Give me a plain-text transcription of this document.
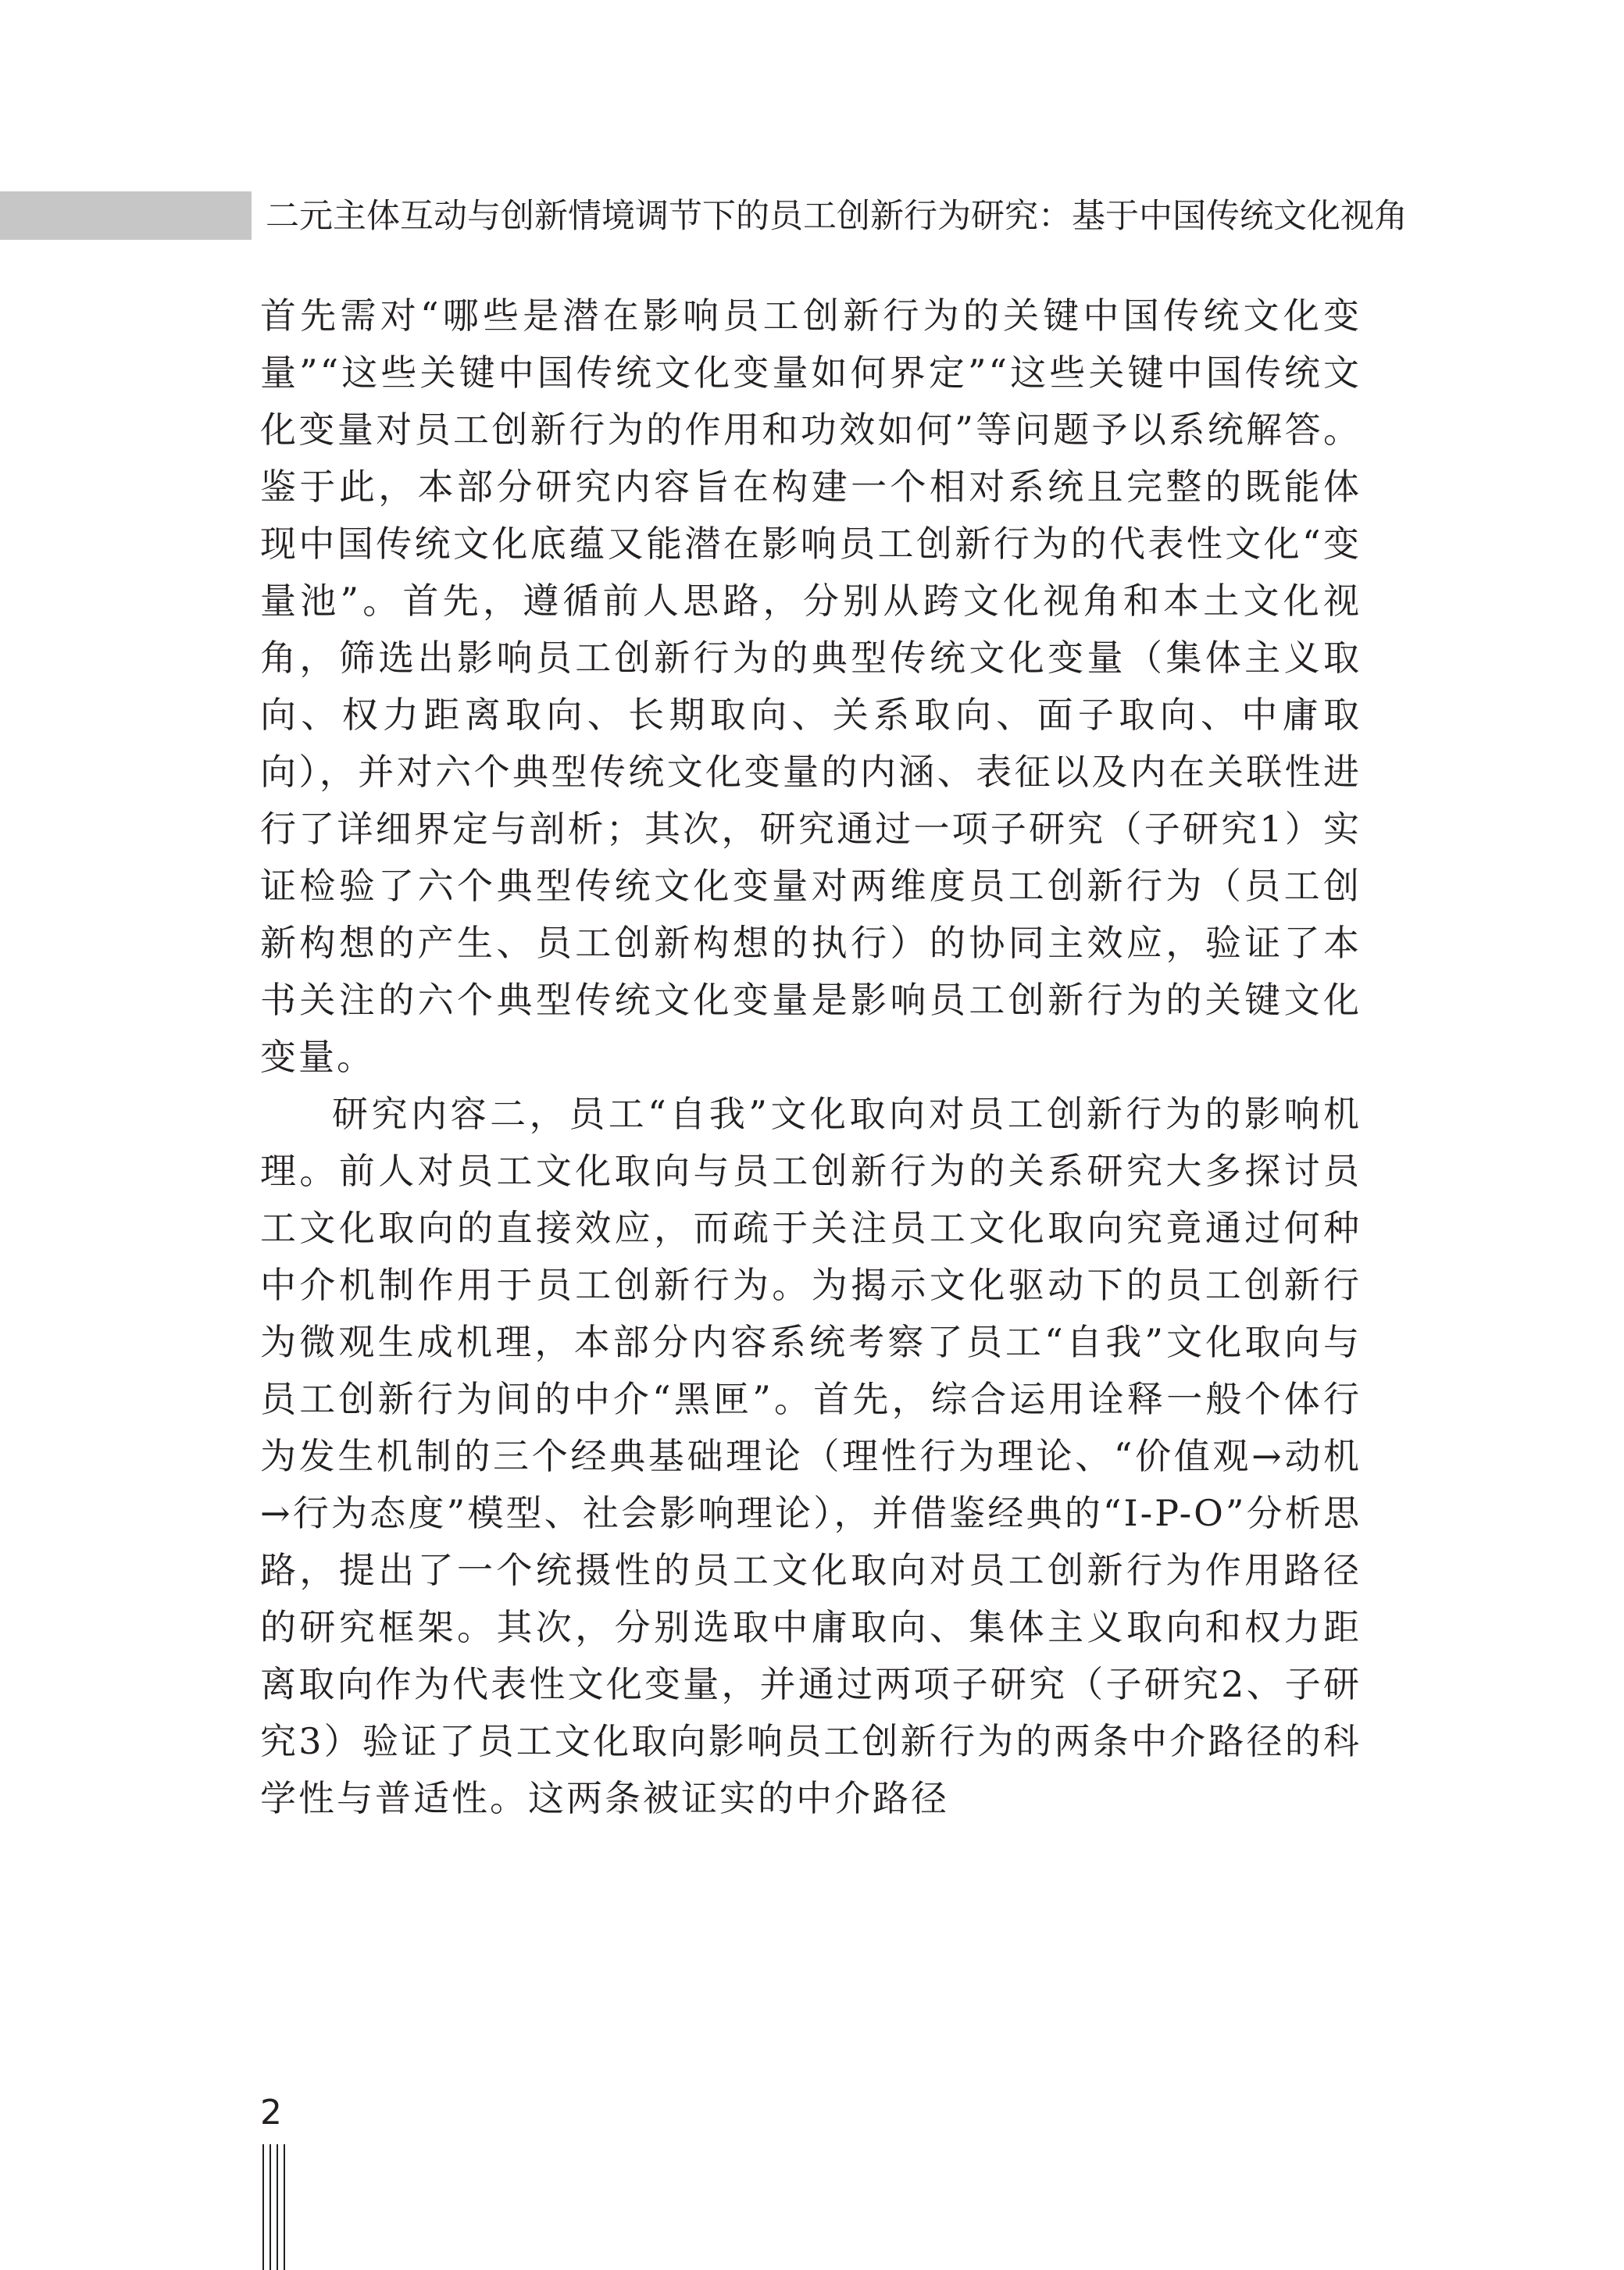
二元主体互动与创新情境调节下的员工创新行为研究：基于中国传统文化视角

首先需对“哪些是潜在影响员工创新行为的关键中国传统文化变量”“这些关键中国传统文化变量如何界定”“这些关键中国传统文化变量对员工创新行为的作用和功效如何”等问题予以系统解答。鉴于此，本部分研究内容旨在构建一个相对系统且完整的既能体现中国传统文化底蕴又能潜在影响员工创新行为的代表性文化“变量池”。首先，遵循前人思路，分别从跨文化视角和本土文化视角，筛选出影响员工创新行为的典型传统文化变量（集体主义取向、权力距离取向、长期取向、关系取向、面子取向、中庸取向），并对六个典型传统文化变量的内涵、表征以及内在关联性进行了详细界定与剖析；其次，研究通过一项子研究（子研究1）实证检验了六个典型传统文化变量对两维度员工创新行为（员工创新构想的产生、员工创新构想的执行）的协同主效应，验证了本书关注的六个典型传统文化变量是影响员工创新行为的关键文化变量。

研究内容二，员工“自我”文化取向对员工创新行为的影响机理。前人对员工文化取向与员工创新行为的关系研究大多探讨员工文化取向的直接效应，而疏于关注员工文化取向究竟通过何种中介机制作用于员工创新行为。为揭示文化驱动下的员工创新行为微观生成机理，本部分内容系统考察了员工“自我”文化取向与员工创新行为间的中介“黑匣”。首先，综合运用诠释一般个体行为发生机制的三个经典基础理论（理性行为理论、“价值观→动机→行为态度”模型、社会影响理论），并借鉴经典的“I-P-O”分析思路，提出了一个统摄性的员工文化取向对员工创新行为作用路径的研究框架。其次，分别选取中庸取向、集体主义取向和权力距离取向作为代表性文化变量，并通过两项子研究（子研究2、子研究3）验证了员工文化取向影响员工创新行为的两条中介路径的科学性与普适性。这两条被证实的中介路径

2
